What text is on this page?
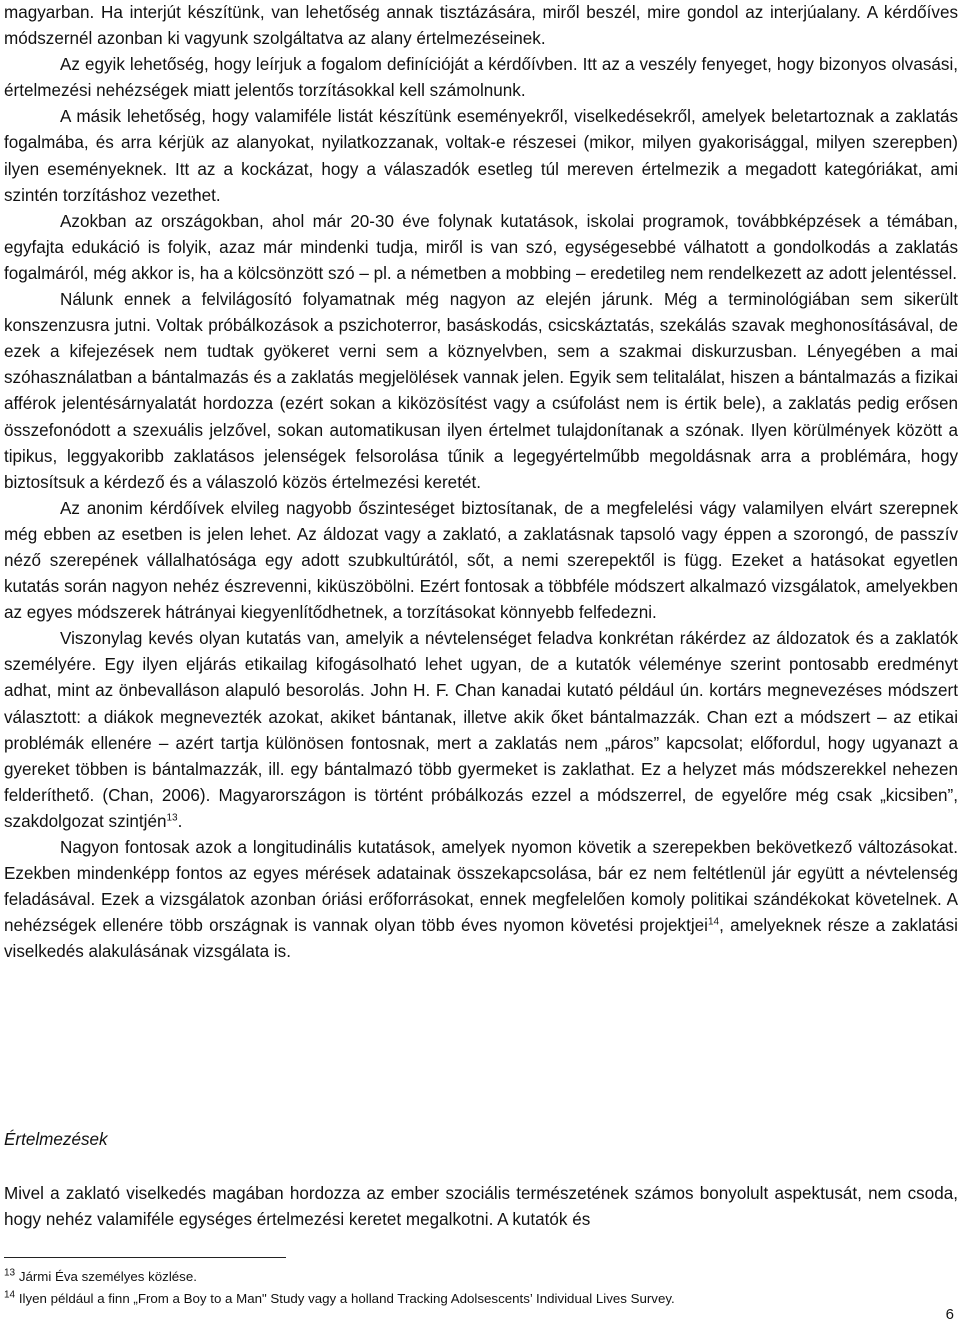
magyarban. Ha interjút készítünk, van lehetőség annak tisztázására, miről beszél, mire gondol az interjúalany. A kérdőíves módszernél azonban ki vagyunk szolgáltatva az alany értelmezéseinek.

Az egyik lehetőség, hogy leírjuk a fogalom definícióját a kérdőívben. Itt az a veszély fenyeget, hogy bizonyos olvasási, értelmezési nehézségek miatt jelentős torzításokkal kell számolnunk.

A másik lehetőség, hogy valamiféle listát készítünk eseményekről, viselkedésekről, amelyek beletartoznak a zaklatás fogalmába, és arra kérjük az alanyokat, nyilatkozzanak, voltak-e részesei (mikor, milyen gyakorisággal, milyen szerepben) ilyen eseményeknek. Itt az a kockázat, hogy a válaszadók esetleg túl mereven értelmezik a megadott kategóriákat, ami szintén torzításhoz vezethet.

Azokban az országokban, ahol már 20-30 éve folynak kutatások, iskolai programok, továbbképzések a témában, egyfajta edukáció is folyik, azaz már mindenki tudja, miről is van szó, egységesebbé válhatott a gondolkodás a zaklatás fogalmáról, még akkor is, ha a kölcsönzött szó – pl. a németben a mobbing – eredetileg nem rendelkezett az adott jelentéssel.

Nálunk ennek a felvilágosító folyamatnak még nagyon az elején járunk. Még a terminológiában sem sikerült konszenzusra jutni. Voltak próbálkozások a pszichoterror, basáskodás, csicskáztatás, szekálás szavak meghonosításával, de ezek a kifejezések nem tudtak gyökeret verni sem a köznyelvben, sem a szakmai diskurzusban. Lényegében a mai szóhasználatban a bántalmazás és a zaklatás megjelölések vannak jelen. Egyik sem telitalálat, hiszen a bántalmazás a fizikai afférok jelentésárnyalatát hordozza (ezért sokan a kiközösítést vagy a csúfolást nem is értik bele), a zaklatás pedig erősen összefonódott a szexuális jelzővel, sokan automatikusan ilyen értelmet tulajdonítanak a szónak. Ilyen körülmények között a tipikus, leggyakoribb zaklatásos jelenségek felsorolása tűnik a legegyértelműbb megoldásnak arra a problémára, hogy biztosítsuk a kérdező és a válaszoló közös értelmezési keretét.

Az anonim kérdőívek elvileg nagyobb őszinteséget biztosítanak, de a megfelelési vágy valamilyen elvárt szerepnek még ebben az esetben is jelen lehet. Az áldozat vagy a zaklató, a zaklatásnak tapsoló vagy éppen a szorongó, de passzív néző szerepének vállalhatósága egy adott szubkultúrától, sőt, a nemi szerepektől is függ. Ezeket a hatásokat egyetlen kutatás során nagyon nehéz észrevenni, kiküszöbölni. Ezért fontosak a többféle módszert alkalmazó vizsgálatok, amelyekben az egyes módszerek hátrányai kiegyenlítődhetnek, a torzításokat könnyebb felfedezni.

Viszonylag kevés olyan kutatás van, amelyik a névtelenséget feladva konkrétan rákérdez az áldozatok és a zaklatók személyére. Egy ilyen eljárás etikailag kifogásolható lehet ugyan, de a kutatók véleménye szerint pontosabb eredményt adhat, mint az önbevalláson alapuló besorolás. John H. F. Chan kanadai kutató például ún. kortárs megnevezéses módszert választott: a diákok megnevezték azokat, akiket bántanak, illetve akik őket bántalmazzák. Chan ezt a módszert – az etikai problémák ellenére – azért tartja különösen fontosnak, mert a zaklatás nem „páros” kapcsolat; előfordul, hogy ugyanazt a gyereket többen is bántalmazzák, ill. egy bántalmazó több gyermeket is zaklathat. Ez a helyzet más módszerekkel nehezen felderíthető. (Chan, 2006). Magyarországon is történt próbálkozás ezzel a módszerrel, de egyelőre még csak „kicsiben”, szakdolgozat szintjén$^{13}$.

Nagyon fontosak azok a longitudinális kutatások, amelyek nyomon követik a szerepekben bekövetkező változásokat. Ezekben mindenképp fontos az egyes mérések adatainak összekapcsolása, bár ez nem feltétlenül jár együtt a névtelenség feladásával. Ezek a vizsgálatok azonban óriási erőforrásokat, ennek megfelelően komoly politikai szándékokat követelnek. A nehézségek ellenére több országnak is vannak olyan több éves nyomon követési projektjei$^{14}$, amelyeknek része a zaklatási viselkedés alakulásának vizsgálata is.

Értelmezések

Mivel a zaklató viselkedés magában hordozza az ember szociális természetének számos bonyolult aspektusát, nem csoda, hogy nehéz valamiféle egységes értelmezési keretet megalkotni. A kutatók és

$^{13}$ Jármi Éva személyes közlése.
$^{14}$ Ilyen például a finn „From a Boy to a Man" Study vagy a holland Tracking Adolsescents’ Individual Lives Survey.
6
